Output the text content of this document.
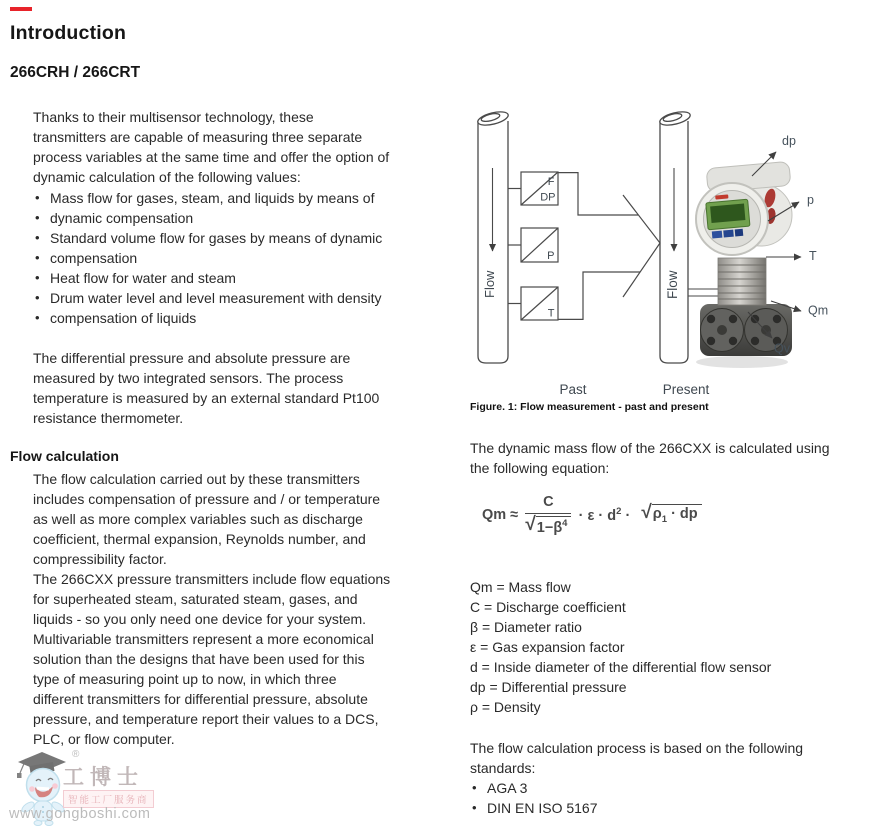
Introduction
266CRH / 266CRT
Thanks to their multisensor technology, these
transmitters are capable of measuring three separate
process variables at the same time and offer the option of
dynamic calculation of the following values:
• Mass flow for gases, steam, and liquids by means of
• dynamic compensation
• Standard volume flow for gases by means of dynamic
• compensation
• Heat flow for water and steam
• Drum water level and level measurement with density
• compensation of liquids
The differential pressure and absolute pressure are
measured by two integrated sensors. The process
temperature is measured by an external standard Pt100
resistance thermometer.
Flow calculation
The flow calculation carried out by these transmitters
includes compensation of pressure and / or temperature
as well as more complex variables such as discharge
coefficient, thermal expansion, Reynolds number, and
compressibility factor.
The 266CXX pressure transmitters include flow equations
for superheated steam, saturated steam, gases, and
liquids - so you only need one device for your system.
Multivariable transmitters represent a more economical
solution than the designs that have been used for this
type of measuring point up to now, in which three
different transmitters for differential pressure, absolute
pressure, and temperature report their values to a DCS,
PLC, or flow computer.
Flow
F
DP
P
T
Flow
dp
p
T
Qm
Qv
Past	Present
Figure. 1: Flow measurement - past and present
The dynamic mass flow of the 266CXX is calculated using
the following equation:
$Qm \approx \frac{C}{√ 1-\beta^4} \cdot \varepsilon \cdot d^2$ · √ $\rho_1$ · dp
Qm = Mass flow
C = Discharge coefficient
β = Diameter ratio
ε = Gas expansion factor
d = Inside diameter of the differential flow sensor
dp = Differential pressure
ρ = Density
The flow calculation process is based on the following
standards:
• AGA 3
• DIN EN ISO 5167
®
工博士
智能工厂服务商
www.gongboshi.com
